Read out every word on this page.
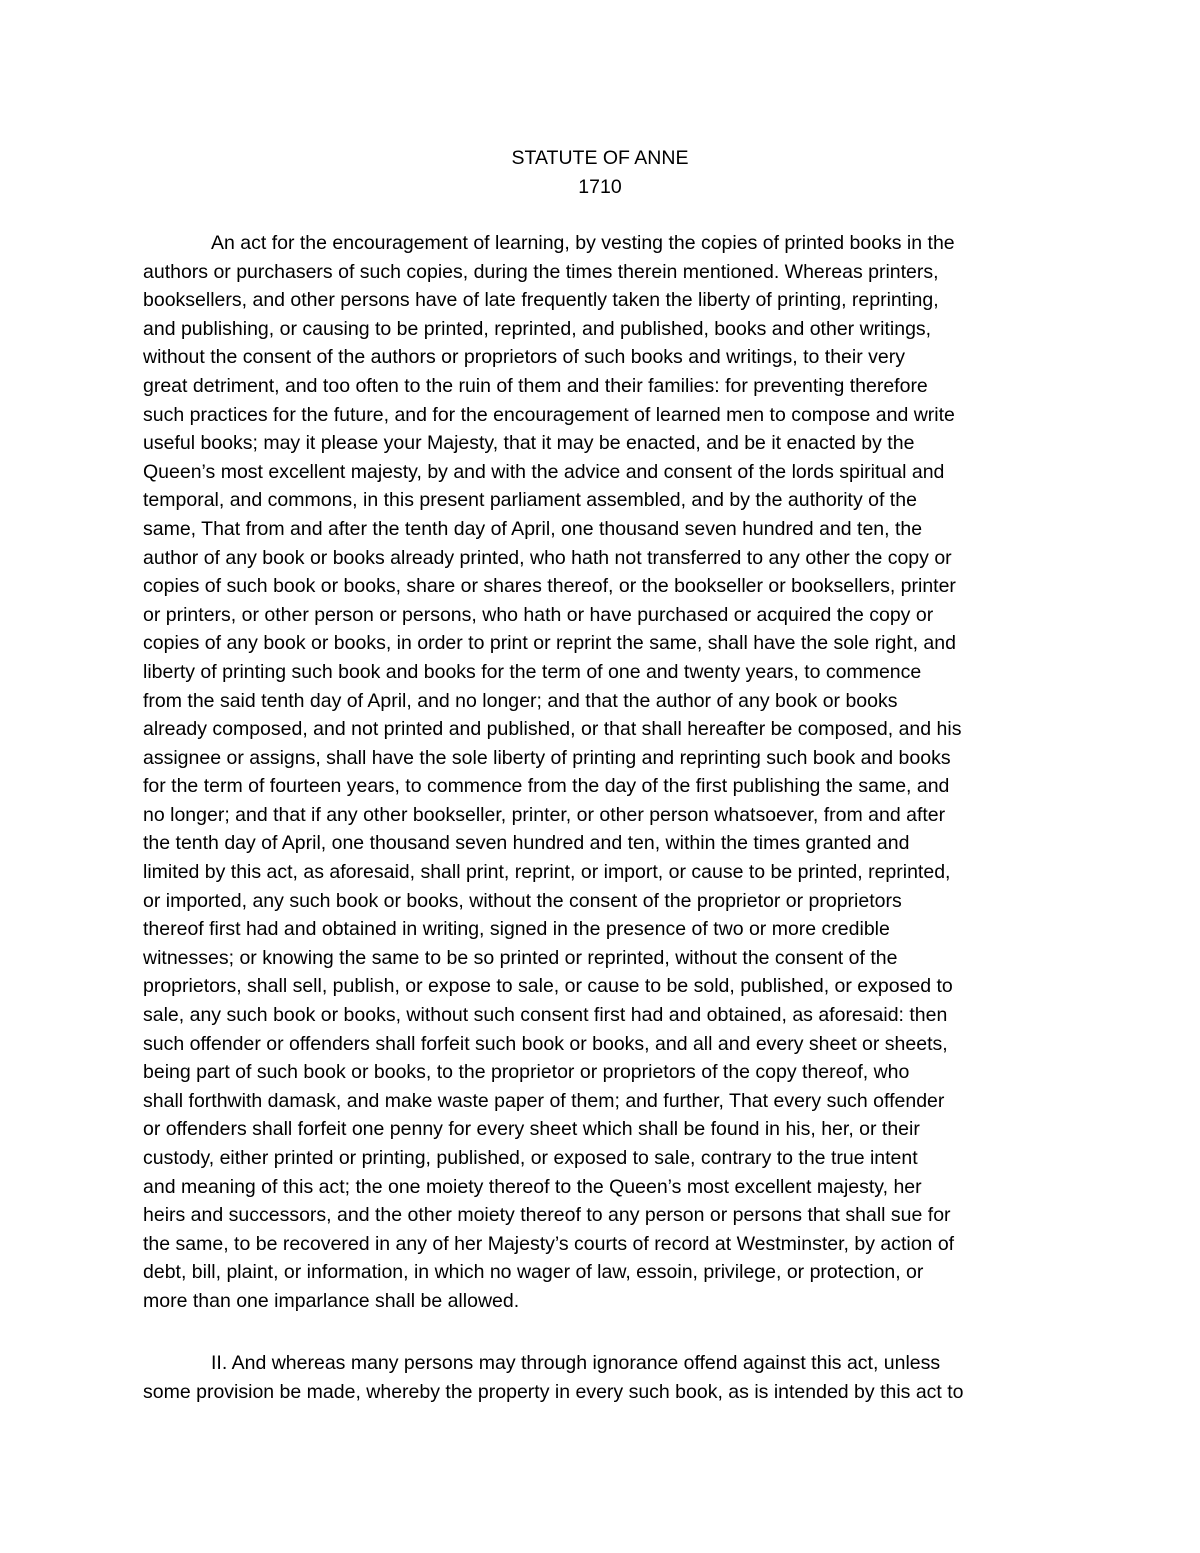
STATUTE OF ANNE
1710
An act for the encouragement of learning, by vesting the copies of printed books in the
authors or purchasers of such copies, during the times therein mentioned. Whereas printers,
booksellers, and other persons have of late frequently taken the liberty of printing, reprinting,
and publishing, or causing to be printed, reprinted, and published, books and other writings,
without the consent of the authors or proprietors of such books and writings, to their very
great detriment, and too often to the ruin of them and their families: for preventing therefore
such practices for the future, and for the encouragement of learned men to compose and write
useful books; may it please your Majesty, that it may be enacted, and be it enacted by the
Queen’s most excellent majesty, by and with the advice and consent of the lords spiritual and
temporal, and commons, in this present parliament assembled, and by the authority of the
same, That from and after the tenth day of April, one thousand seven hundred and ten, the
author of any book or books already printed, who hath not transferred to any other the copy or
copies of such book or books, share or shares thereof, or the bookseller or booksellers, printer
or printers, or other person or persons, who hath or have purchased or acquired the copy or
copies of any book or books, in order to print or reprint the same, shall have the sole right, and
liberty of printing such book and books for the term of one and twenty years, to commence
from the said tenth day of April, and no longer; and that the author of any book or books
already composed, and not printed and published, or that shall hereafter be composed, and his
assignee or assigns, shall have the sole liberty of printing and reprinting such book and books
for the term of fourteen years, to commence from the day of the first publishing the same, and
no longer; and that if any other bookseller, printer, or other person whatsoever, from and after
the tenth day of April, one thousand seven hundred and ten, within the times granted and
limited by this act, as aforesaid, shall print, reprint, or import, or cause to be printed, reprinted,
or imported, any such book or books, without the consent of the proprietor or proprietors
thereof first had and obtained in writing, signed in the presence of two or more credible
witnesses; or knowing the same to be so printed or reprinted, without the consent of the
proprietors, shall sell, publish, or expose to sale, or cause to be sold, published, or exposed to
sale, any such book or books, without such consent first had and obtained, as aforesaid: then
such offender or offenders shall forfeit such book or books, and all and every sheet or sheets,
being part of such book or books, to the proprietor or proprietors of the copy thereof, who
shall forthwith damask, and make waste paper of them; and further, That every such offender
or offenders shall forfeit one penny for every sheet which shall be found in his, her, or their
custody, either printed or printing, published, or exposed to sale, contrary to the true intent
and meaning of this act; the one moiety thereof to the Queen’s most excellent majesty, her
heirs and successors, and the other moiety thereof to any person or persons that shall sue for
the same, to be recovered in any of her Majesty’s courts of record at Westminster, by action of
debt, bill, plaint, or information, in which no wager of law, essoin, privilege, or protection, or
more than one imparlance shall be allowed.
II. And whereas many persons may through ignorance offend against this act, unless
some provision be made, whereby the property in every such book, as is intended by this act to
